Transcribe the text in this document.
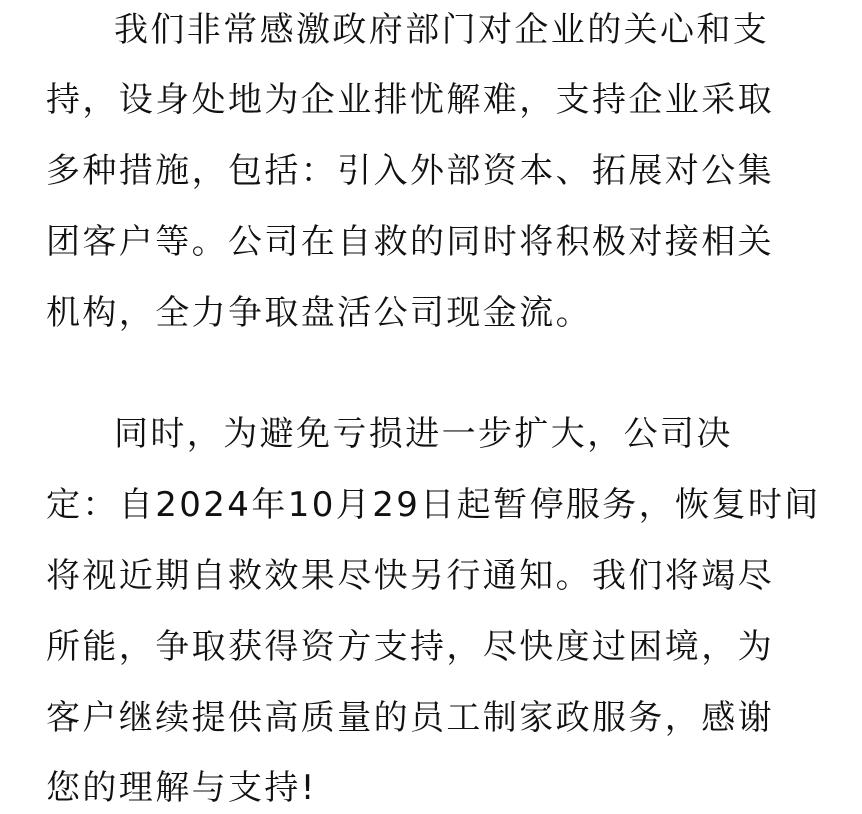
我们非常感激政府部门对企业的关心和支
持，设身处地为企业排忧解难，支持企业采取
多种措施，包括：引入外部资本、拓展对公集
团客户等。公司在自救的同时将积极对接相关
机构，全力争取盘活公司现金流。
同时，为避免亏损进一步扩大，公司决
定：自2024年10月29日起暂停服务，恢复时间
将视近期自救效果尽快另行通知。我们将竭尽
所能，争取获得资方支持，尽快度过困境，为
客户继续提供高质量的员工制家政服务，感谢
您的理解与支持!
